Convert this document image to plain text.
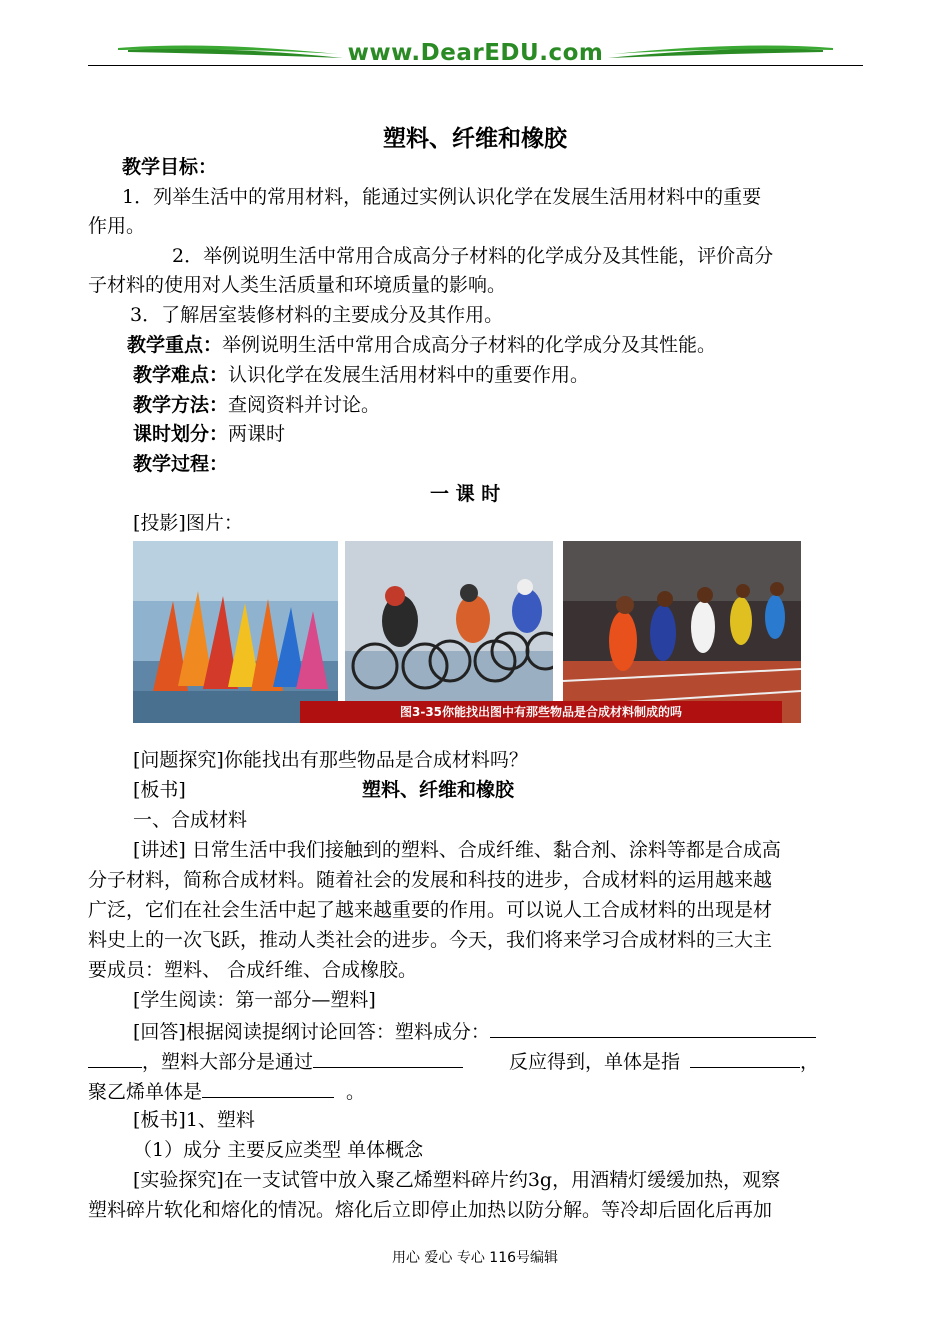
www.DearEDU.com
塑料、纤维和橡胶
教学目标：
1．列举生活中的常用材料，能通过实例认识化学在发展生活用材料中的重要
作用。
2．举例说明生活中常用合成高分子材料的化学成分及其性能，评价高分
子材料的使用对人类生活质量和环境质量的影响。
3．了解居室装修材料的主要成分及其作用。
教学重点：举例说明生活中常用合成高分子材料的化学成分及其性能。
教学难点：认识化学在发展生活用材料中的重要作用。
教学方法：查阅资料并讨论。
课时划分：两课时
教学过程：
一 课 时
[投影]图片：
图3-35你能找出图中有那些物品是合成材料制成的吗
[问题探究]你能找出有那些物品是合成材料吗？
[板书]	塑料、纤维和橡胶
一、合成材料
[讲述] 日常生活中我们接触到的塑料、合成纤维、黏合剂、涂料等都是合成高
分子材料，简称合成材料。随着社会的发展和科技的进步，合成材料的运用越来越
广泛，它们在社会生活中起了越来越重要的作用。可以说人工合成材料的出现是材
料史上的一次飞跃，推动人类社会的进步。今天，我们将来学习合成材料的三大主
要成员：塑料、 合成纤维、合成橡胶。
[学生阅读：第一部分—塑料]
[回答]根据阅读提纲讨论回答：塑料成分：
，塑料大部分是通过	反应得到，单体是指	，
聚乙烯单体是	。
[板书]1、塑料
（1）成分 主要反应类型 单体概念
[实验探究]在一支试管中放入聚乙烯塑料碎片约3g，用酒精灯缓缓加热，观察
塑料碎片软化和熔化的情况。熔化后立即停止加热以防分解。等冷却后固化后再加
用心 爱心 专心 116号编辑
